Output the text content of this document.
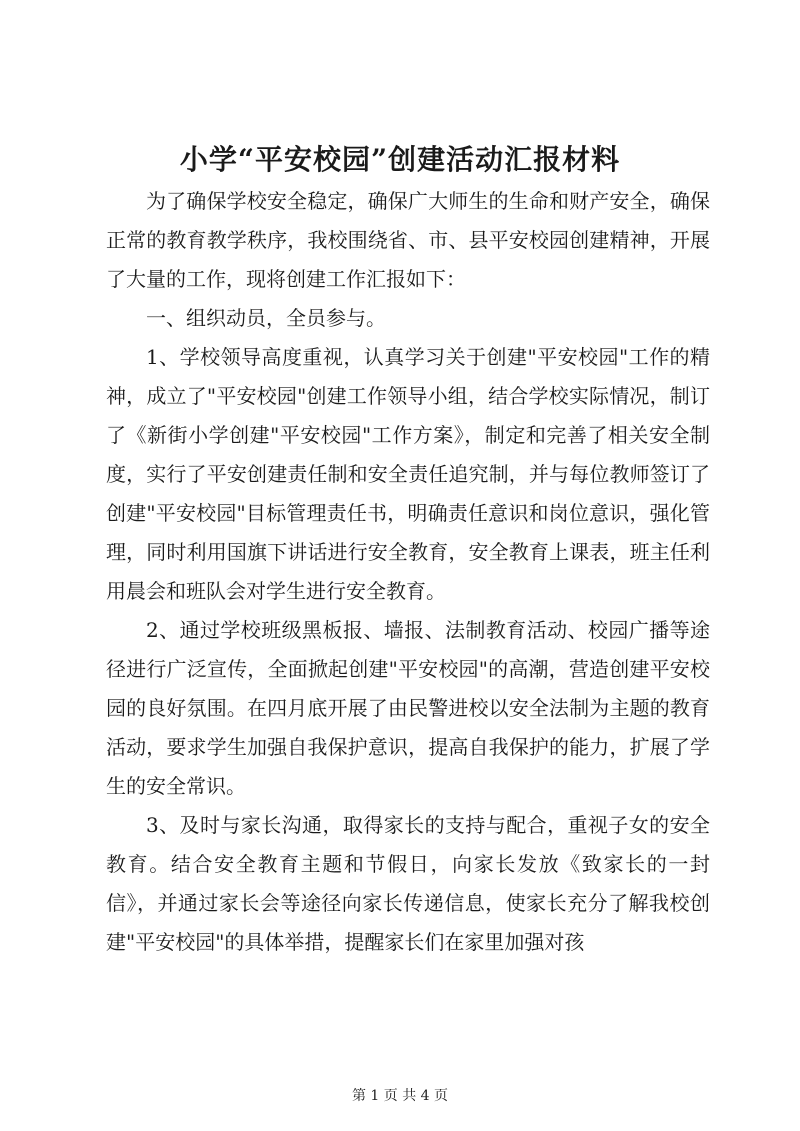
小学“平安校园”创建活动汇报材料

为了确保学校安全稳定，确保广大师生的生命和财产安全，确保正常的教育教学秩序，我校围绕省、市、县平安校园创建精神，开展了大量的工作，现将创建工作汇报如下：

一、组织动员，全员参与。

1、学校领导高度重视，认真学习关于创建"平安校园"工作的精神，成立了"平安校园"创建工作领导小组，结合学校实际情况，制订了《新街小学创建"平安校园"工作方案》，制定和完善了相关安全制度，实行了平安创建责任制和安全责任追究制，并与每位教师签订了创建"平安校园"目标管理责任书，明确责任意识和岗位意识，强化管理，同时利用国旗下讲话进行安全教育，安全教育上课表，班主任利用晨会和班队会对学生进行安全教育。

2、通过学校班级黑板报、墙报、法制教育活动、校园广播等途径进行广泛宣传，全面掀起创建"平安校园"的高潮，营造创建平安校园的良好氛围。在四月底开展了由民警进校以安全法制为主题的教育活动，要求学生加强自我保护意识，提高自我保护的能力，扩展了学生的安全常识。

3、及时与家长沟通，取得家长的支持与配合，重视子女的安全教育。结合安全教育主题和节假日，向家长发放《致家长的一封信》，并通过家长会等途径向家长传递信息，使家长充分了解我校创建"平安校园"的具体举措，提醒家长们在家里加强对孩

第 1 页 共 4 页
